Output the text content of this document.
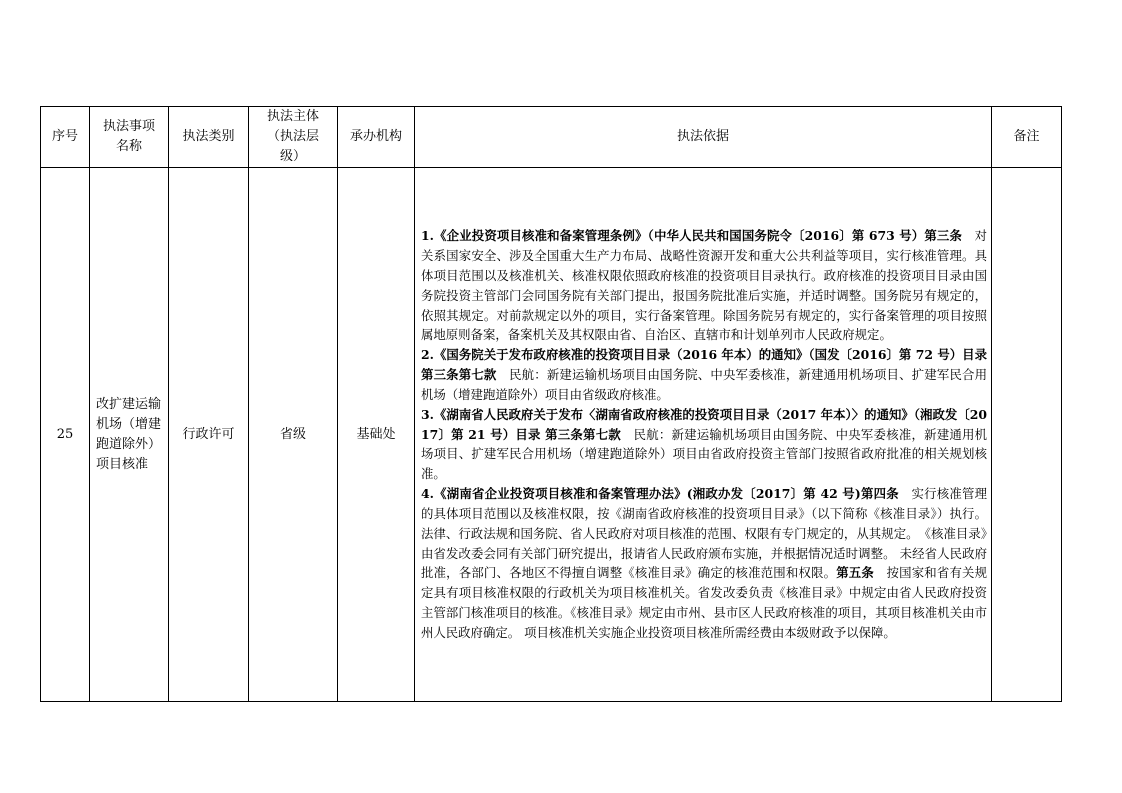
序号	执法事项名称	执法类别	执法主体（执法层级）	承办机构	执法依据	备注

25	改扩建运输机场（增建跑道除外）项目核准	行政许可	省级	基础处	1.《企业投资项目核准和备案管理条例》（中华人民共和国国务院令〔2016〕第 673 号）第三条　对关系国家安全、涉及全国重大生产力布局、战略性资源开发和重大公共利益等项目，实行核准管理。具体项目范围以及核准机关、核准权限依照政府核准的投资项目目录执行。政府核准的投资项目目录由国务院投资主管部门会同国务院有关部门提出，报国务院批准后实施，并适时调整。国务院另有规定的，依照其规定。对前款规定以外的项目，实行备案管理。除国务院另有规定的，实行备案管理的项目按照属地原则备案，备案机关及其权限由省、自治区、直辖市和计划单列市人民政府规定。
2.《国务院关于发布政府核准的投资项目目录（2016 年本）的通知》（国发〔2016〕第 72 号）目录 第三条第七款　民航：新建运输机场项目由国务院、中央军委核准，新建通用机场项目、扩建军民合用机场（增建跑道除外）项目由省级政府核准。
3.《湖南省人民政府关于发布〈湖南省政府核准的投资项目目录（2017 年本）〉的通知》（湘政发〔2017〕第 21 号）目录 第三条第七款　民航：新建运输机场项目由国务院、中央军委核准，新建通用机场项目、扩建军民合用机场（增建跑道除外）项目由省政府投资主管部门按照省政府批准的相关规划核准。
4.《湖南省企业投资项目核准和备案管理办法》(湘政办发〔2017〕第 42 号)第四条　实行核准管理的具体项目范围以及核准权限，按《湖南省政府核准的投资项目目录》（以下简称《核准目录》）执行。法律、行政法规和国务院、省人民政府对项目核准的范围、权限有专门规定的，从其规定。　《核准目录》由省发改委会同有关部门研究提出，报请省人民政府颁布实施，并根据情况适时调整。 未经省人民政府批准，各部门、各地区不得擅自调整《核准目录》确定的核准范围和权限。第五条　按国家和省有关规定具有项目核准权限的行政机关为项目核准机关。省发改委负责《核准目录》中规定由省人民政府投资主管部门核准项目的核准。《核准目录》规定由市州、县市区人民政府核准的项目，其项目核准机关由市州人民政府确定。 项目核准机关实施企业投资项目核准所需经费由本级财政予以保障。	
